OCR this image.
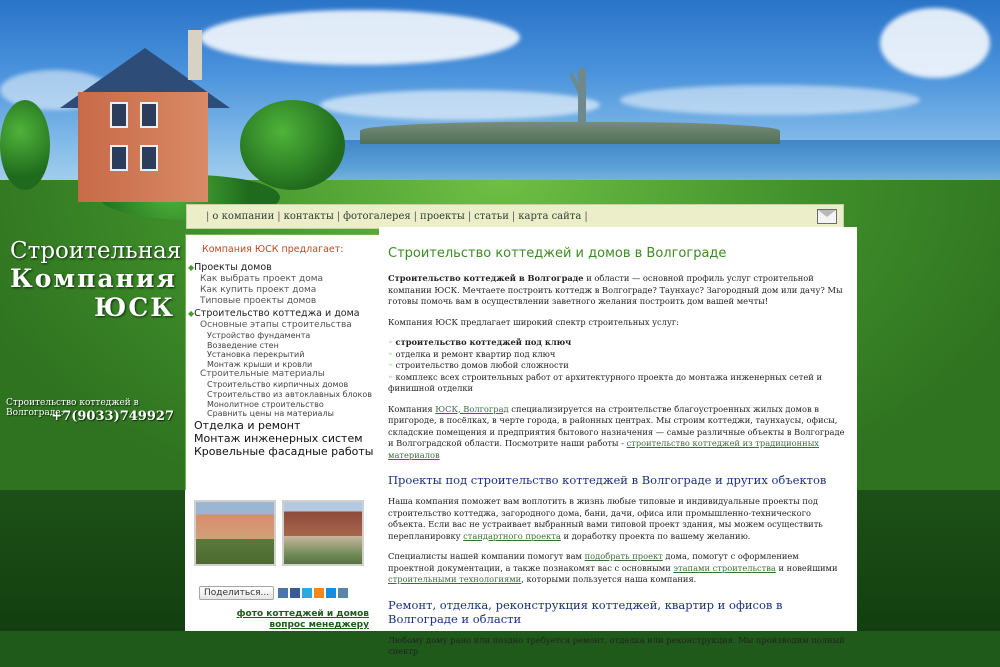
Строительная
Компания
ЮСК
Строительство коттеджей в Волгограде:
+7(9033)749927
| о компании | контакты | фотогалерея | проекты | статьи | карта сайта |
Компания ЮСК предлагает:
◆Проекты домов
Как выбрать проект дома
Как купить проект дома
Типовые проекты домов
◆Строительство коттеджа и дома
Основные этапы строительства
Устройство фундамента
Возведение стен
Установка перекрытий
Монтаж крыши и кровли
Строительные материалы
Строительство кирпичных домов
Строительство из автоклавных блоков
Монолитное строительство
Сравнить цены на материалы
Отделка и ремонт
Монтаж инженерных систем
Кровельные фасадные работы
Поделиться...
фото коттеджей и домов
вопрос менеджеру
Строительство коттеджей и домов в Волгограде

Строительство коттеджей в Волгограде и области — основной профиль услуг строительной компании ЮСК. Мечтаете построить коттедж в Волгограде? Таунхаус? Загородный дом или дачу? Мы готовы помочь вам в осуществлении заветного желания построить дом вашей мечты!

Компания ЮСК предлагает широкий спектр строительных услуг:

◦ строительство коттеджей под ключ
◦ отделка и ремонт квартир под ключ
◦ строительство домов любой сложности
◦ комплекс всех строительных работ от архитектурного проекта до монтажа инженерных сетей и финишной отделки

Компания ЮСК, Волгоград специализируется на строительстве благоустроенных жилых домов в пригороде, в посёлках, в черте города, в районных центрах. Мы строим коттеджи, таунхаусы, офисы, складские помещения и предприятия бытового назначения — самые различные объекты в Волгограде и Волгоградской области. Посмотрите наши работы - строительство коттеджей из традиционных материалов

Проекты под строительство коттеджей в Волгограде и других объектов

Наша компания поможет вам воплотить в жизнь любые типовые и индивидуальные проекты под строительство коттеджа, загородного дома, бани, дачи, офиса или промышленно-технического объекта. Если вас не устраивает выбранный вами типовой проект здания, мы можем осуществить перепланировку стандартного проекта и доработку проекта по вашему желанию.

Специалисты нашей компании помогут вам подобрать проект дома, помогут с оформлением проектной документации, а также познакомят вас с основными этапами строительства и новейшими строительными технологиями, которыми пользуется наша компания.

Ремонт, отделка, реконструкция коттеджей, квартир и офисов в Волгограде и области

Любому дому рано или поздно требуется ремонт, отделка или реконструкция. Мы производим полный спектр
